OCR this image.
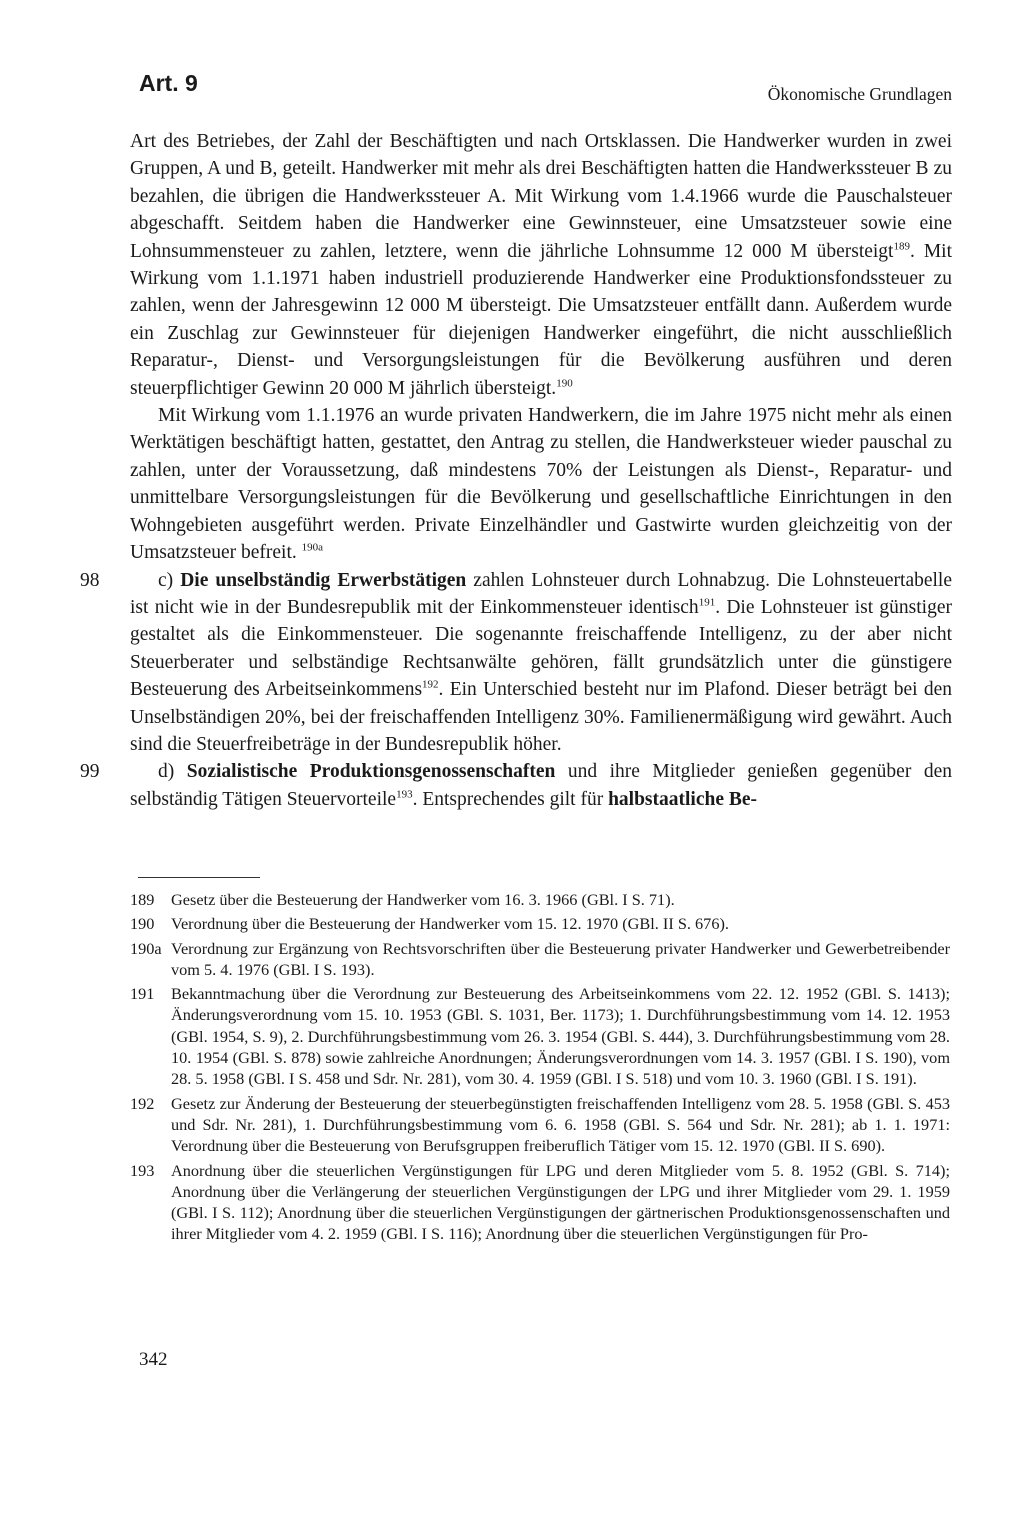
Art. 9	Ökonomische Grundlagen

Art des Betriebes, der Zahl der Beschäftigten und nach Ortsklassen. Die Handwerker wurden in zwei Gruppen, A und B, geteilt. Handwerker mit mehr als drei Beschäftigten hatten die Handwerkssteuer B zu bezahlen, die übrigen die Handwerkssteuer A. Mit Wirkung vom 1.4.1966 wurde die Pauschalsteuer abgeschafft. Seitdem haben die Handwerker eine Gewinnsteuer, eine Umsatzsteuer sowie eine Lohnsummensteuer zu zahlen, letztere, wenn die jährliche Lohnsumme 12 000 M übersteigt$^{189}$. Mit Wirkung vom 1.1.1971 haben industriell produzierende Handwerker eine Produktionsfondssteuer zu zahlen, wenn der Jahresgewinn 12 000 M übersteigt. Die Umsatzsteuer entfällt dann. Außerdem wurde ein Zuschlag zur Gewinnsteuer für diejenigen Handwerker eingeführt, die nicht ausschließlich Reparatur-, Dienst- und Versorgungsleistungen für die Bevölkerung ausführen und deren steuerpflichtiger Gewinn 20 000 M jährlich übersteigt.$^{190}$

Mit Wirkung vom 1.1.1976 an wurde privaten Handwerkern, die im Jahre 1975 nicht mehr als einen Werktätigen beschäftigt hatten, gestattet, den Antrag zu stellen, die Handwerksteuer wieder pauschal zu zahlen, unter der Voraussetzung, daß mindestens 70% der Leistungen als Dienst-, Reparatur- und unmittelbare Versorgungsleistungen für die Bevölkerung und gesellschaftliche Einrichtungen in den Wohngebieten ausgeführt werden. Private Einzelhändler und Gastwirte wurden gleichzeitig von der Umsatzsteuer befreit. $^{190a}$

98	c) Die unselbständig Erwerbstätigen zahlen Lohnsteuer durch Lohnabzug. Die Lohnsteuertabelle ist nicht wie in der Bundesrepublik mit der Einkommensteuer identisch$^{191}$. Die Lohnsteuer ist günstiger gestaltet als die Einkommensteuer. Die sogenannte freischaffende Intelligenz, zu der aber nicht Steuerberater und selbständige Rechtsanwälte gehören, fällt grundsätzlich unter die günstigere Besteuerung des Arbeitseinkommens$^{192}$. Ein Unterschied besteht nur im Plafond. Dieser beträgt bei den Unselbständigen 20%, bei der freischaffenden Intelligenz 30%. Familienermäßigung wird gewährt. Auch sind die Steuerfreibeträge in der Bundesrepublik höher.

99	d) Sozialistische Produktionsgenossenschaften und ihre Mitglieder genießen gegenüber den selbständig Tätigen Steuervorteile$^{193}$. Entsprechendes gilt für halbstaatliche Be-

189 Gesetz über die Besteuerung der Handwerker vom 16. 3. 1966 (GBl. I S. 71).
190 Verordnung über die Besteuerung der Handwerker vom 15. 12. 1970 (GBl. II S. 676).
190a Verordnung zur Ergänzung von Rechtsvorschriften über die Besteuerung privater Handwerker und Gewerbetreibender vom 5. 4. 1976 (GBl. I S. 193).
191 Bekanntmachung über die Verordnung zur Besteuerung des Arbeitseinkommens vom 22. 12. 1952 (GBl. S. 1413); Änderungsverordnung vom 15. 10. 1953 (GBl. S. 1031, Ber. 1173); 1. Durchführungsbestimmung vom 14. 12. 1953 (GBl. 1954, S. 9), 2. Durchführungsbestimmung vom 26. 3. 1954 (GBl. S. 444), 3. Durchführungsbestimmung vom 28. 10. 1954 (GBl. S. 878) sowie zahlreiche Anordnungen; Änderungsverordnungen vom 14. 3. 1957 (GBl. I S. 190), vom 28. 5. 1958 (GBl. I S. 458 und Sdr. Nr. 281), vom 30. 4. 1959 (GBl. I S. 518) und vom 10. 3. 1960 (GBl. I S. 191).
192 Gesetz zur Änderung der Besteuerung der steuerbegünstigten freischaffenden Intelligenz vom 28. 5. 1958 (GBl. S. 453 und Sdr. Nr. 281), 1. Durchführungsbestimmung vom 6. 6. 1958 (GBl. S. 564 und Sdr. Nr. 281); ab 1. 1. 1971: Verordnung über die Besteuerung von Berufsgruppen freiberuflich Tätiger vom 15. 12. 1970 (GBl. II S. 690).
193 Anordnung über die steuerlichen Vergünstigungen für LPG und deren Mitglieder vom 5. 8. 1952 (GBl. S. 714); Anordnung über die Verlängerung der steuerlichen Vergünstigungen der LPG und ihrer Mitglieder vom 29. 1. 1959 (GBl. I S. 112); Anordnung über die steuerlichen Vergünstigungen der gärtnerischen Produktionsgenossenschaften und ihrer Mitglieder vom 4. 2. 1959 (GBl. I S. 116); Anordnung über die steuerlichen Vergünstigungen für Pro-
342
